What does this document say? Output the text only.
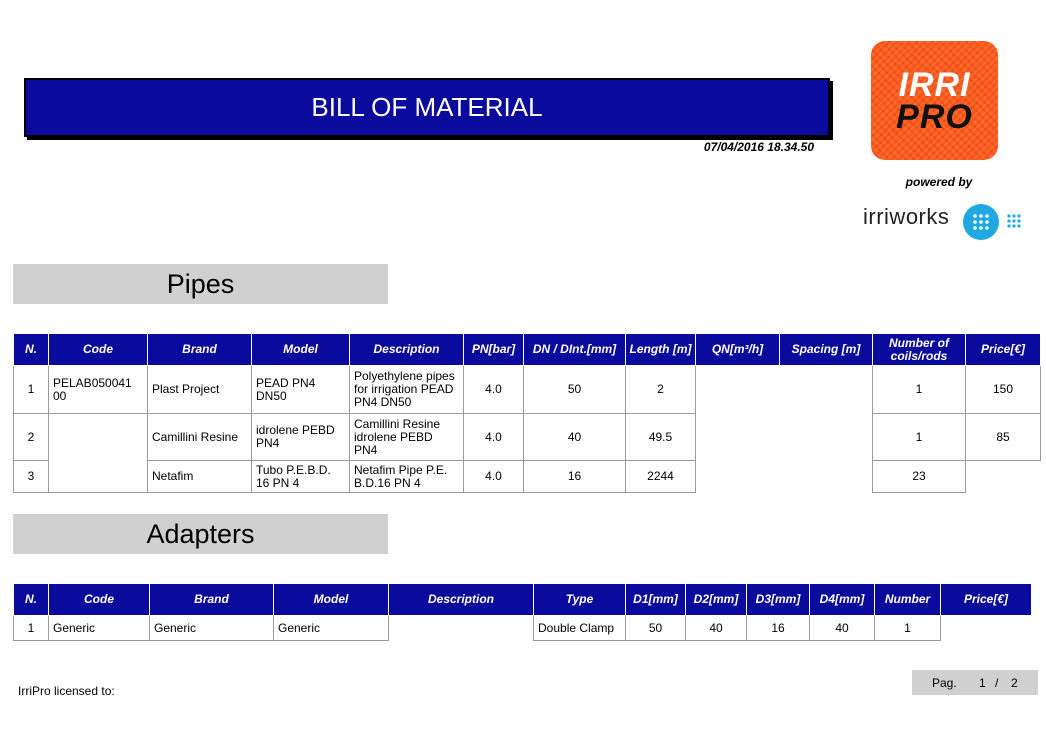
BILL OF MATERIAL
07/04/2016 18.34.50
IRRI
PRO
powered by
irriworks
Pipes
N.	Code	Brand	Model	Description	PN[bar]	DN / DInt.[mm]	Length [m]	QN[m³/h]	Spacing [m]	Number of coils/rods	Price[€]
1	PELAB050041 00	Plast Project	PEAD PN4 DN50	Polyethylene pipes for irrigation PEAD PN4 DN50	4.0	50	2			1	150
2		Camillini Resine	idrolene PEBD PN4	Camillini Resine idrolene PEBD PN4	4.0	40	49.5			1	85
3		Netafim	Tubo P.E.B.D. 16 PN 4	Netafim Pipe P.E. B.D.16 PN 4	4.0	16	2244			23	
Adapters
N.	Code	Brand	Model	Description	Type	D1[mm]	D2[mm]	D3[mm]	D4[mm]	Number	Price[€]
1	Generic	Generic	Generic		Double Clamp	50	40	16	40	1	
IrriPro licensed to:
Pag. 1 / 2
